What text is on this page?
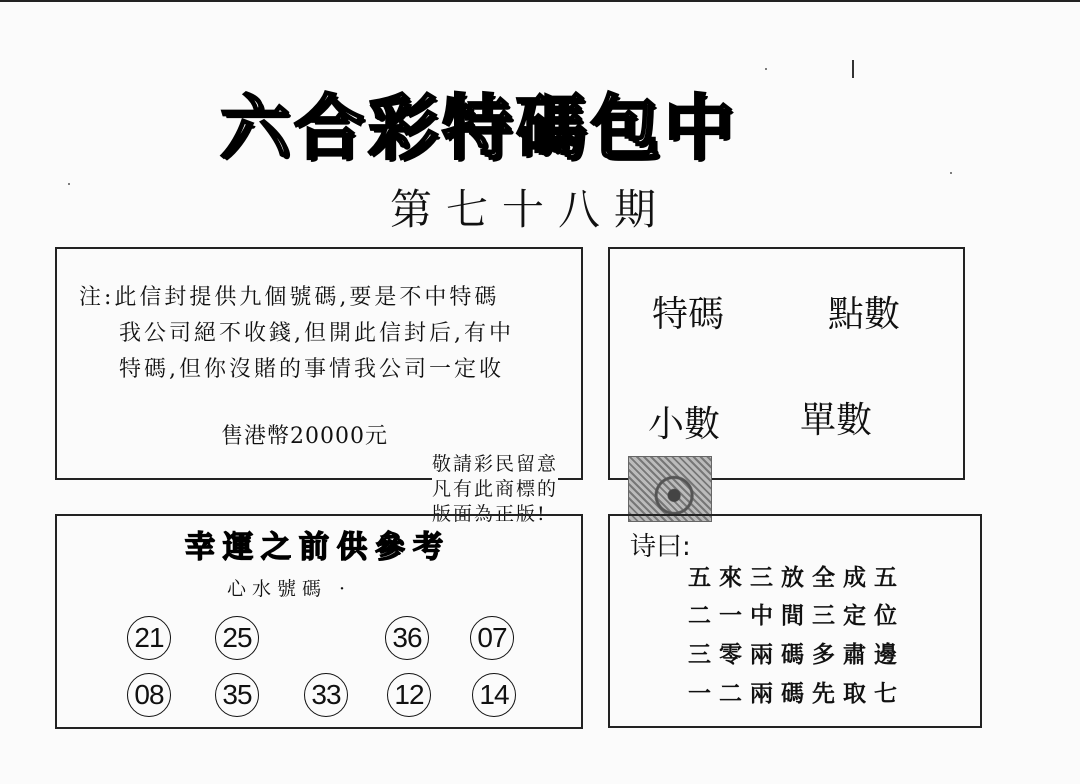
六合彩特碼包中
第七十八期
注:此信封提供九個號碼,要是不中特碼
我公司絕不收錢,但開此信封后,有中
特碼,但你沒賭的事情我公司一定收
售港幣20000元
特碼	點數
小數 單數
敬請彩民留意
凡有此商標的
版面為正版!
幸運之前供參考
心水號碼 ·
21 25	36 07
08 35 33 12 14
诗曰:
五來三放全成五
二一中間三定位
三零兩碼多肅邊
一二兩碼先取七
